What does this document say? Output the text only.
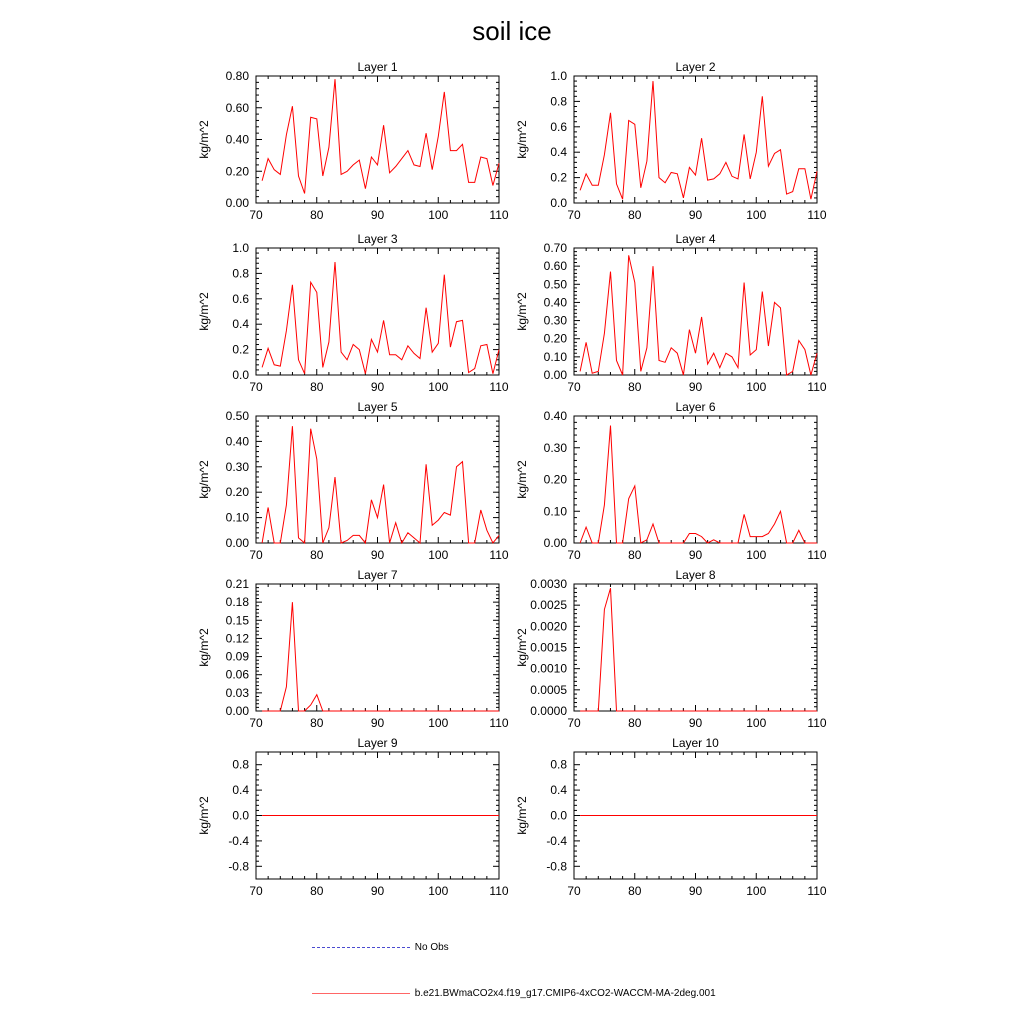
soil ice
Layer 1
70	80	90	100	110
0.00
0.20
0.40
0.60
0.80
kg/m^2
Layer 2
70	80	90	100	110
0.0
0.2
0.4
0.6
0.8
1.0
kg/m^2
Layer 3
70	80	90	100	110
0.0
0.2
0.4
0.6
0.8
1.0
kg/m^2
Layer 4
70	80	90	100	110
0.00
0.10
0.20
0.30
0.40
0.50
0.60
0.70
kg/m^2
Layer 5
70	80	90	100	110
0.00
0.10
0.20
0.30
0.40
0.50
kg/m^2
Layer 6
70	80	90	100	110
0.00
0.10
0.20
0.30
0.40
kg/m^2
Layer 7
70	80	90	100	110
0.00
0.03
0.06
0.09
0.12
0.15
0.18
0.21
kg/m^2
Layer 8
70	80	90	100	110
0.0000
0.0005
0.0010
0.0015
0.0020
0.0025
0.0030
kg/m^2
Layer 9
70	80	90	100	110
-0.8
-0.4
0.0
0.4
0.8
kg/m^2
Layer 10
70	80	90	100	110
-0.8
-0.4
0.0
0.4
0.8
kg/m^2
No Obs
b.e21.BWmaCO2x4.f19_g17.CMIP6-4xCO2-WACCM-MA-2deg.001
